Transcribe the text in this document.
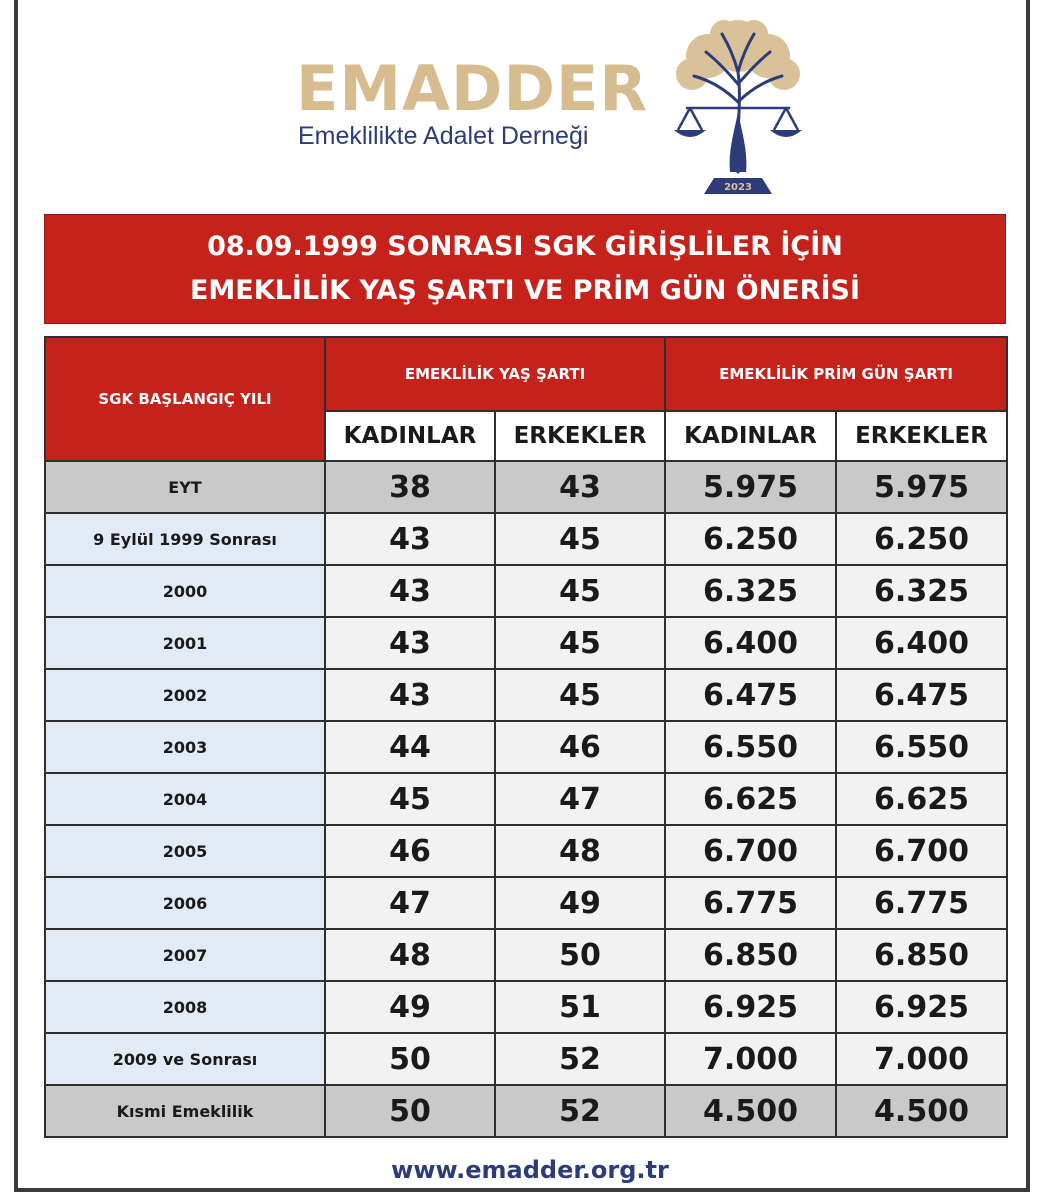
EMADDER
Emeklilikte Adalet Derneği
2023
08.09.1999 SONRASI SGK GİRİŞLİLER İÇİN
EMEKLİLİK YAŞ ŞARTI VE PRİM GÜN ÖNERİSİ
SGK BAŞLANGIÇ YILI	EMEKLİLİK YAŞ ŞARTI		EMEKLİLİK PRİM GÜN ŞARTI	
	KADINLAR	ERKEKLER	KADINLAR	ERKEKLER
EYT	38	43	5.975	5.975
9 Eylül 1999 Sonrası	43	45	6.250	6.250
2000	43	45	6.325	6.325
2001	43	45	6.400	6.400
2002	43	45	6.475	6.475
2003	44	46	6.550	6.550
2004	45	47	6.625	6.625
2005	46	48	6.700	6.700
2006	47	49	6.775	6.775
2007	48	50	6.850	6.850
2008	49	51	6.925	6.925
2009 ve Sonrası	50	52	7.000	7.000
Kısmi Emeklilik	50	52	4.500	4.500
www.emadder.org.tr
